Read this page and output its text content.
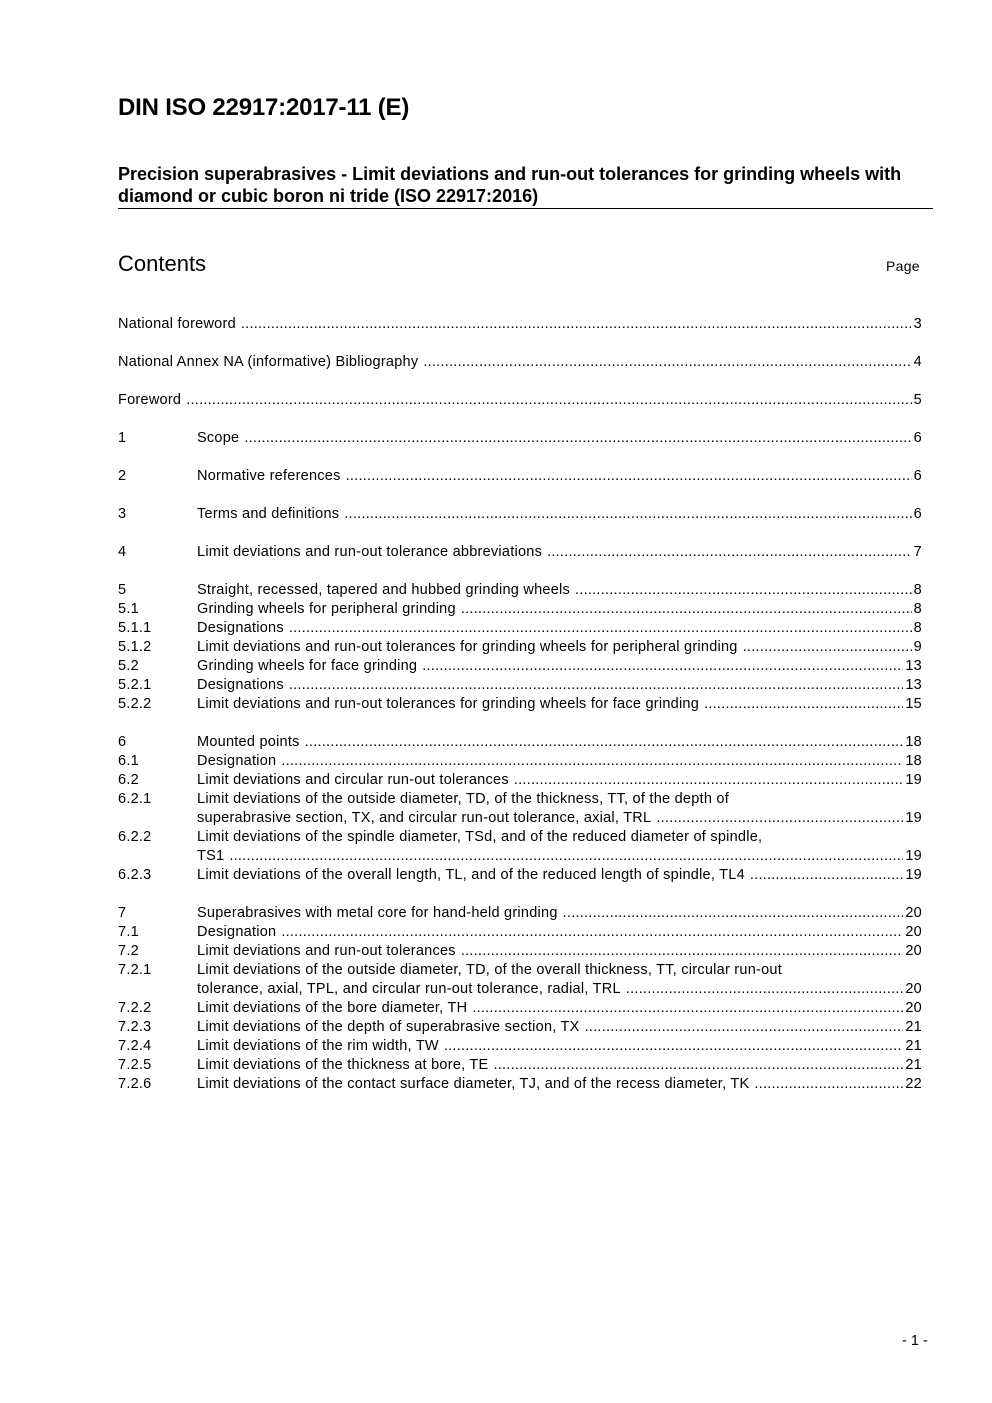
DIN ISO 22917:2017-11 (E)
Precision superabrasives - Limit deviations and run-out tolerances for grinding wheels with diamond or cubic boron ni tride (ISO 22917:2016)
Contents	Page
National foreword .....	3
National Annex NA (informative) Bibliography .....	4
Foreword .....	5
1	Scope .....	6
2	Normative references .....	6
3	Terms and definitions .....	6
4	Limit deviations and run-out tolerance abbreviations .....	7
5	Straight, recessed, tapered and hubbed grinding wheels .....	8
5.1	Grinding wheels for peripheral grinding .....	8
5.1.1	Designations .....	8
5.1.2	Limit deviations and run-out tolerances for grinding wheels for peripheral grinding .....	9
5.2	Grinding wheels for face grinding .....	13
5.2.1	Designations .....	13
5.2.2	Limit deviations and run-out tolerances for grinding wheels for face grinding .....	15
6	Mounted points .....	18
6.1	Designation .....	18
6.2	Limit deviations and circular run-out tolerances .....	19
6.2.1	Limit deviations of the outside diameter, TD, of the thickness, TT, of the depth of
superabrasive section, TX, and circular run-out tolerance, axial, TRL .....	19
6.2.2	Limit deviations of the spindle diameter, TSd, and of the reduced diameter of spindle,
TS1 .....	19
6.2.3	Limit deviations of the overall length, TL, and of the reduced length of spindle, TL4 .....	19
7	Superabrasives with metal core for hand-held grinding .....	20
7.1	Designation .....	20
7.2	Limit deviations and run-out tolerances .....	20
7.2.1	Limit deviations of the outside diameter, TD, of the overall thickness, TT, circular run-out
tolerance, axial, TPL, and circular run-out tolerance, radial, TRL .....	20
7.2.2	Limit deviations of the bore diameter, TH .....	20
7.2.3	Limit deviations of the depth of superabrasive section, TX .....	21
7.2.4	Limit deviations of the rim width, TW .....	21
7.2.5	Limit deviations of the thickness at bore, TE .....	21
7.2.6	Limit deviations of the contact surface diameter, TJ, and of the recess diameter, TK .....	22
- 1 -
